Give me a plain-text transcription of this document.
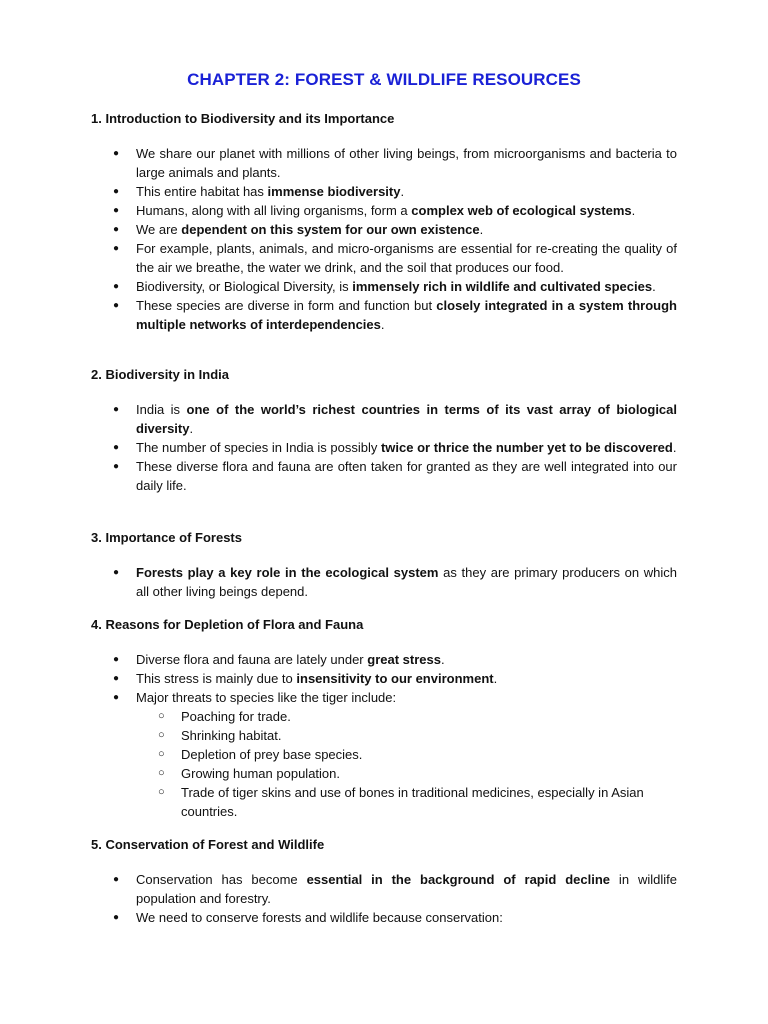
CHAPTER 2: FOREST & WILDLIFE RESOURCES
1. Introduction to Biodiversity and its Importance
● We share our planet with millions of other living beings, from microorganisms and bacteria to large animals and plants.
● This entire habitat has immense biodiversity.
● Humans, along with all living organisms, form a complex web of ecological systems.
● We are dependent on this system for our own existence.
● For example, plants, animals, and micro-organisms are essential for re-creating the quality of the air we breathe, the water we drink, and the soil that produces our food.
● Biodiversity, or Biological Diversity, is immensely rich in wildlife and cultivated species.
● These species are diverse in form and function but closely integrated in a system through multiple networks of interdependencies.
2. Biodiversity in India
● India is one of the world’s richest countries in terms of its vast array of biological diversity.
● The number of species in India is possibly twice or thrice the number yet to be discovered.
● These diverse flora and fauna are often taken for granted as they are well integrated into our daily life.
3. Importance of Forests
● Forests play a key role in the ecological system as they are primary producers on which all other living beings depend.
4. Reasons for Depletion of Flora and Fauna
● Diverse flora and fauna are lately under great stress.
● This stress is mainly due to insensitivity to our environment.
● Major threats to species like the tiger include:
○ Poaching for trade.
○ Shrinking habitat.
○ Depletion of prey base species.
○ Growing human population.
○ Trade of tiger skins and use of bones in traditional medicines, especially in Asian countries.
5. Conservation of Forest and Wildlife
● Conservation has become essential in the background of rapid decline in wildlife population and forestry.
● We need to conserve forests and wildlife because conservation:
